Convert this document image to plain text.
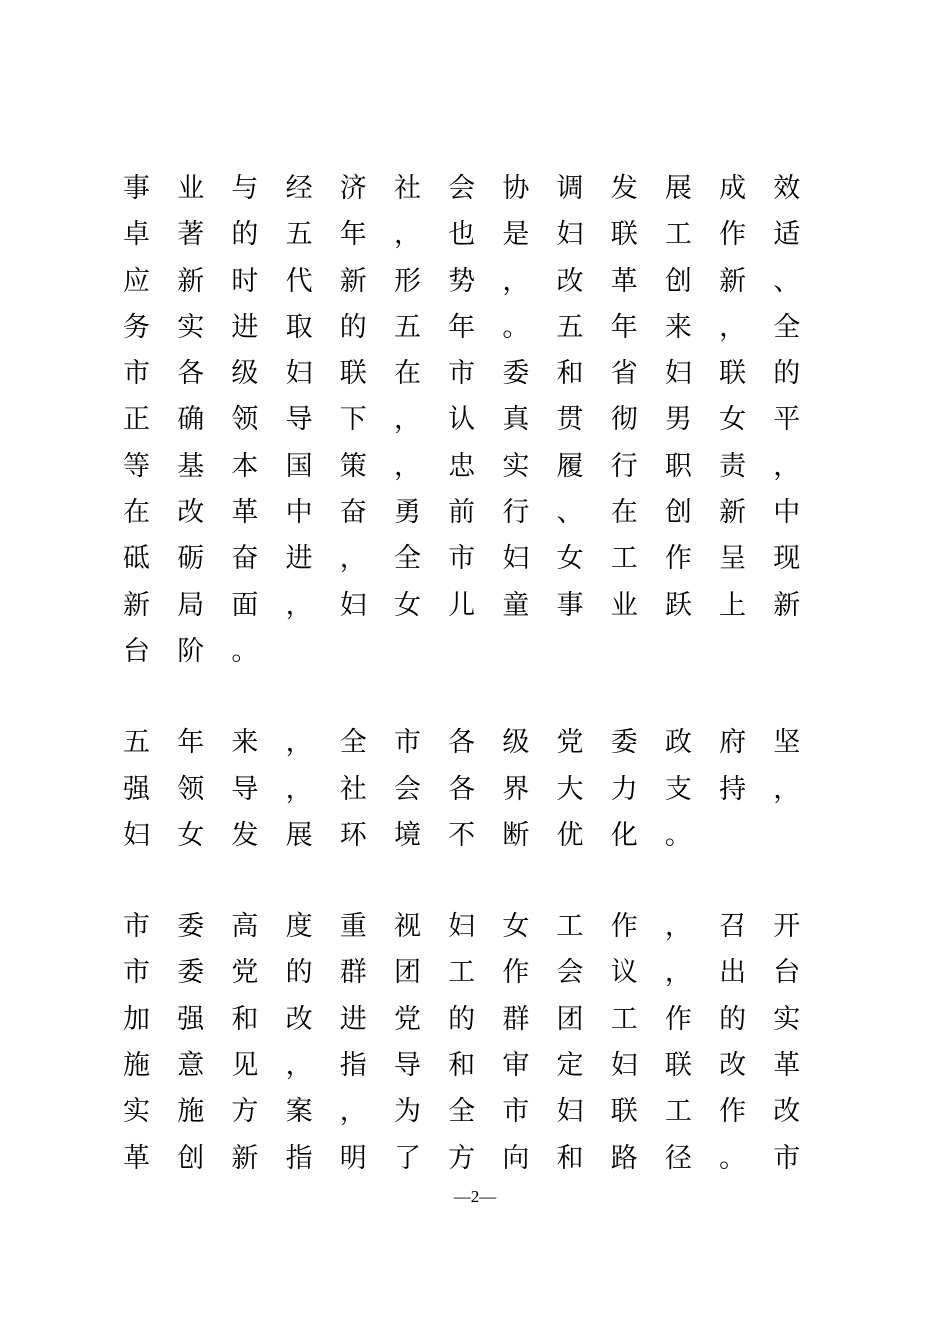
事	业	与	经	济	社	会	协	调	发	展	成	效
卓	著	的	五	年	，	也	是	妇	联	工	作	适
应	新	时	代	新	形	势	，	改	革	创	新	、
务	实	进	取	的	五	年	。	五	年	来	，	全
市	各	级	妇	联	在	市	委	和	省	妇	联	的
正	确	领	导	下	，	认	真	贯	彻	男	女	平
等	基	本	国	策	，	忠	实	履	行	职	责	，
在	改	革	中	奋	勇	前	行	、	在	创	新	中
砥	砺	奋	进	，	全	市	妇	女	工	作	呈	现
新	局	面	，	妇	女	儿	童	事	业	跃	上	新
台	阶	。
五	年	来	，	全	市	各	级	党	委	政	府	坚
强	领	导	，	社	会	各	界	大	力	支	持	，
妇	女	发	展	环	境	不	断	优	化	。
市	委	高	度	重	视	妇	女	工	作	，	召	开
市	委	党	的	群	团	工	作	会	议	，	出	台
加	强	和	改	进	党	的	群	团	工	作	的	实
施	意	见	，	指	导	和	审	定	妇	联	改	革
实	施	方	案	，	为	全	市	妇	联	工	作	改
革	创	新	指	明	了	方	向	和	路	径	。	市
—2—
